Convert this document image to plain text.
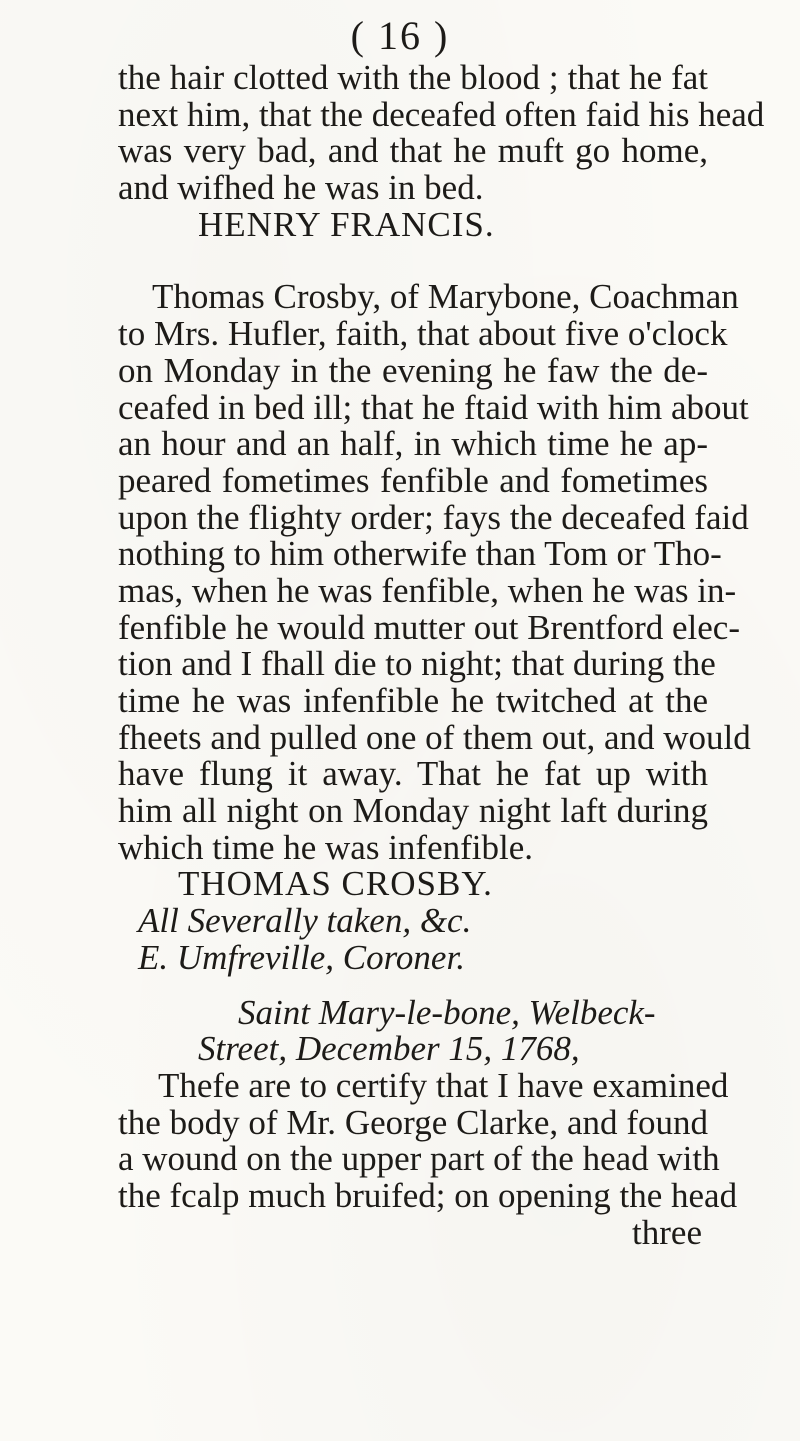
( 16 )
the hair clotted with the blood ; that he fat
next him, that the deceafed often faid his head
was very bad, and that he muft go home,
and wifhed he was in bed.
HENRY FRANCIS.
Thomas Crosby, of Marybone, Coachman
to Mrs. Hufler, faith, that about five o'clock
on Monday in the evening he faw the de-
ceafed in bed ill; that he ftaid with him about
an hour and an half, in which time he ap-
peared fometimes fenfible and fometimes
upon the flighty order; fays the deceafed faid
nothing to him otherwife than Tom or Tho-
mas, when he was fenfible, when he was in-
fenfible he would mutter out Brentford elec-
tion and I fhall die to night; that during the
time he was infenfible he twitched at the
fheets and pulled one of them out, and would
have flung it away. That he fat up with
him all night on Monday night laft during
which time he was infenfible.
THOMAS CROSBY.
All Severally taken, &c.
E. Umfreville, Coroner.
Saint Mary-le-bone, Welbeck-
Street, December 15, 1768,
Thefe are to certify that I have examined
the body of Mr. George Clarke, and found
a wound on the upper part of the head with
the fcalp much bruifed; on opening the head
three
